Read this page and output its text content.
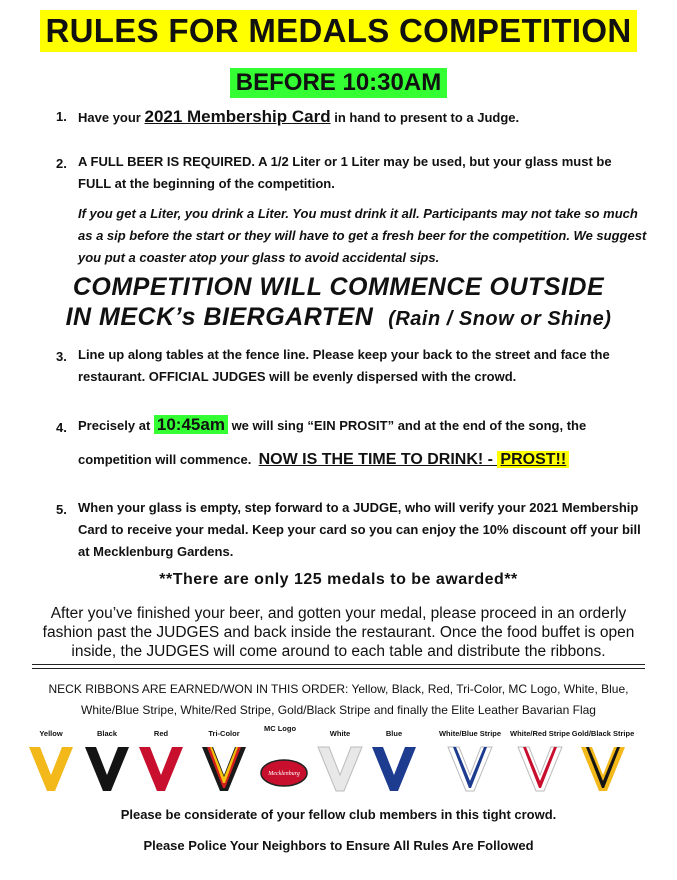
RULES FOR MEDALS COMPETITION
BEFORE 10:30AM
1. Have your 2021 Membership Card in hand to present to a Judge.
2. A FULL BEER IS REQUIRED. A 1/2 Liter or 1 Liter may be used, but your glass must be FULL at the beginning of the competition.
If you get a Liter, you drink a Liter. You must drink it all. Participants may not take so much as a sip before the start or they will have to get a fresh beer for the competition. We suggest you put a coaster atop your glass to avoid accidental sips.
COMPETITION WILL COMMENCE OUTSIDE
IN MECK’s BIERGARTEN (Rain / Snow or Shine)
3. Line up along tables at the fence line. Please keep your back to the street and face the restaurant. OFFICIAL JUDGES will be evenly dispersed with the crowd.
4. Precisely at 10:45am we will sing “EIN PROSIT” and at the end of the song, the
competition will commence. NOW IS THE TIME TO DRINK! - PROST!!
5. When your glass is empty, step forward to a JUDGE, who will verify your 2021 Membership Card to receive your medal. Keep your card so you can enjoy the 10% discount off your bill at Mecklenburg Gardens.
**There are only 125 medals to be awarded**
After you’ve finished your beer, and gotten your medal, please proceed in an orderly fashion past the JUDGES and back inside the restaurant. Once the food buffet is open inside, the JUDGES will come around to each table and distribute the ribbons.
NECK RIBBONS ARE EARNED/WON IN THIS ORDER: Yellow, Black, Red, Tri-Color, MC Logo, White, Blue, White/Blue Stripe, White/Red Stripe, Gold/Black Stripe and finally the Elite Leather Bavarian Flag
Yellow	Black	Red	Tri-Color
MC Logo
Mecklenburg
White	Blue	White/Blue Stripe White/Red Stripe Gold/Black Stripe
Please be considerate of your fellow club members in this tight crowd.
Please Police Your Neighbors to Ensure All Rules Are Followed
